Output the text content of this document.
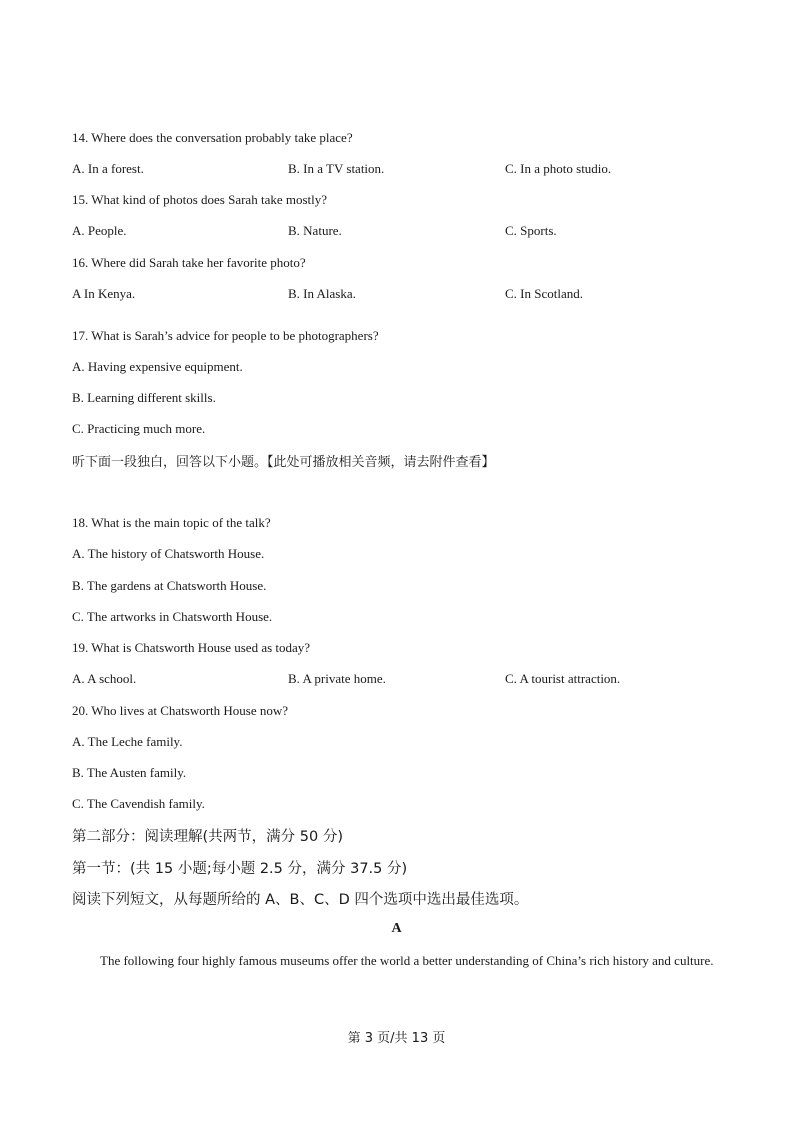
14. Where does the conversation probably take place?
A. In a forest.	B. In a TV station.	C. In a photo studio.
15. What kind of photos does Sarah take mostly?
A. People.	B. Nature.	C. Sports.
16. Where did Sarah take her favorite photo?
A In Kenya.	B. In Alaska.	C. In Scotland.
17. What is Sarah’s advice for people to be photographers?
A. Having expensive equipment.
B. Learning different skills.
C. Practicing much more.
听下面一段独白，回答以下小题。【此处可播放相关音频，请去附件查看】
18. What is the main topic of the talk?
A. The history of Chatsworth House.
B. The gardens at Chatsworth House.
C. The artworks in Chatsworth House.
19. What is Chatsworth House used as today?
A. A school.	B. A private home.	C. A tourist attraction.
20. Who lives at Chatsworth House now?
A. The Leche family.
B. The Austen family.
C. The Cavendish family.
第二部分：阅读理解(共两节，满分 50 分)
第一节：(共 15 小题;每小题 2.5 分，满分 37.5 分)
阅读下列短文，从每题所给的 A、B、C、D 四个选项中选出最佳选项。
A
The following four highly famous museums offer the world a better understanding of China’s rich history and culture.
第 3 页/共 13 页
